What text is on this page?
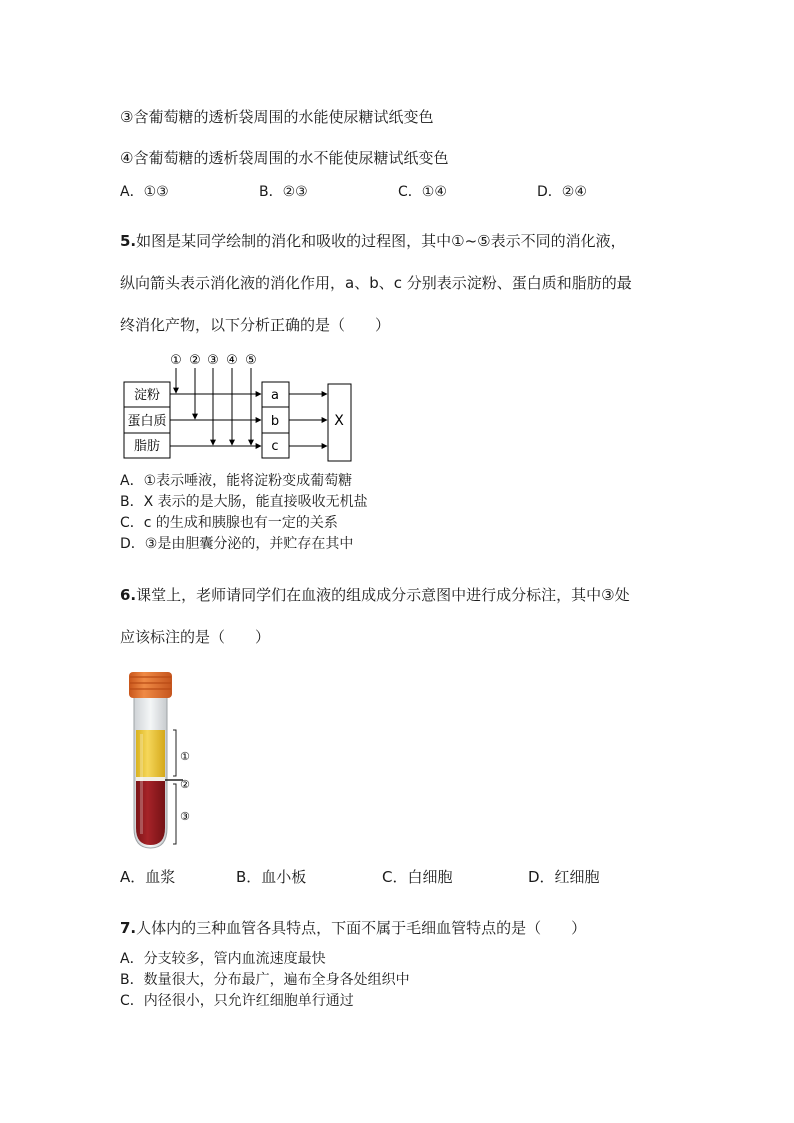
③含葡萄糖的透析袋周围的水能使尿糖试纸变色
④含葡萄糖的透析袋周围的水不能使尿糖试纸变色
A．①③	B．②③	C．①④	D．②④
5.如图是某同学绘制的消化和吸收的过程图，其中①~⑤表示不同的消化液，
纵向箭头表示消化液的消化作用，a、b、c 分别表示淀粉、蛋白质和脂肪的最
终消化产物，以下分析正确的是（　　）
① ② ③ ④ ⑤
淀粉
蛋白质
脂肪
a
b
c
X
A．①表示唾液，能将淀粉变成葡萄糖
B．X 表示的是大肠，能直接吸收无机盐
C．c 的生成和胰腺也有一定的关系
D．③是由胆囊分泌的，并贮存在其中
6.课堂上，老师请同学们在血液的组成成分示意图中进行成分标注，其中③处
应该标注的是（　　）
①
②
③
A．血浆	B．血小板	C．白细胞	D．红细胞
7.人体内的三种血管各具特点，下面不属于毛细血管特点的是（　　）
A．分支较多，管内血流速度最快
B．数量很大，分布最广，遍布全身各处组织中
C．内径很小，只允许红细胞单行通过
